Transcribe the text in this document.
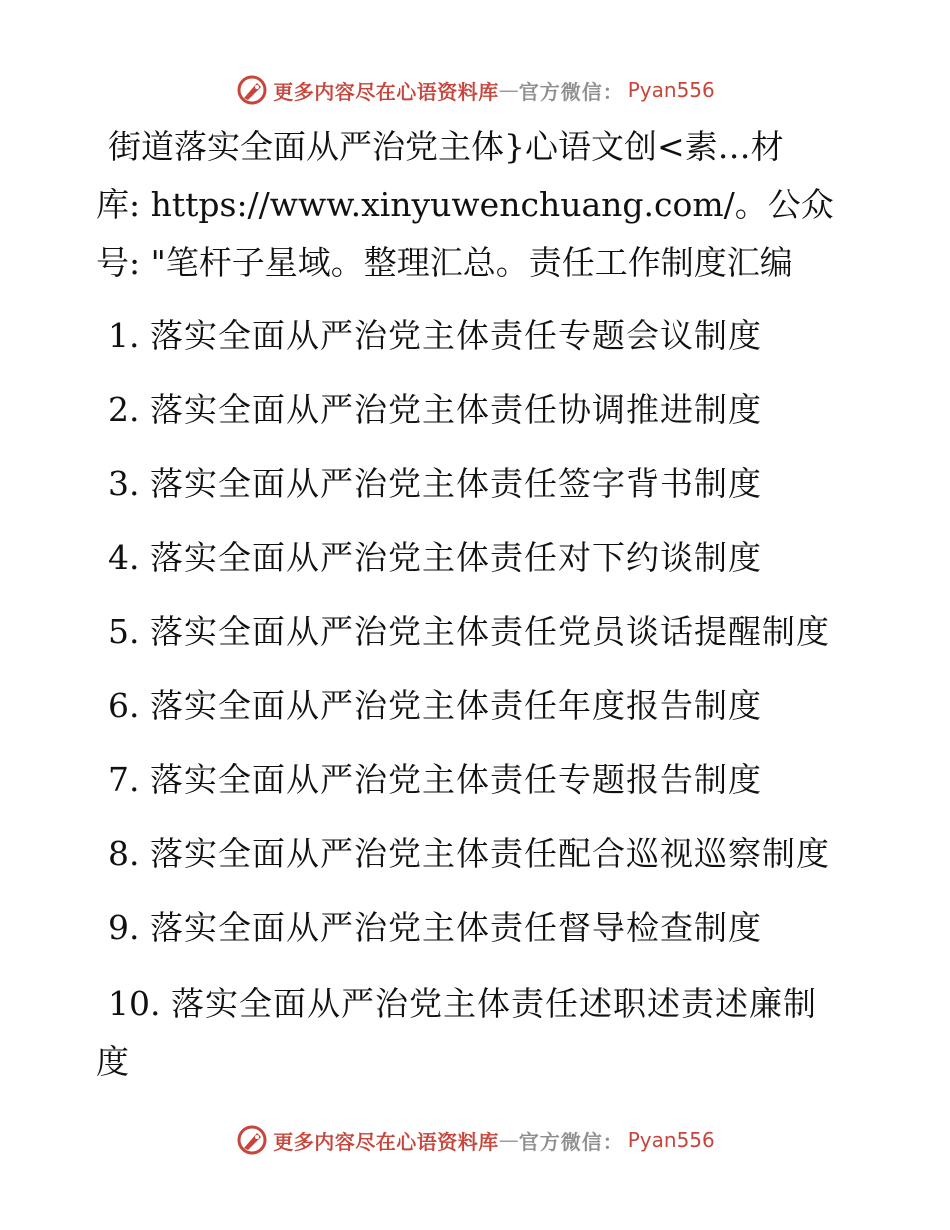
更多内容尽在心语资料库 — 官方微信： Pyan556
街道落实全面从严治党主体}心语文创<素…材
库: https://www.xinyuwenchuang.com/。公众
号: "笔杆子星域。整理汇总。责任工作制度汇编
1. 落实全面从严治党主体责任专题会议制度
2. 落实全面从严治党主体责任协调推进制度
3. 落实全面从严治党主体责任签字背书制度
4. 落实全面从严治党主体责任对下约谈制度
5. 落实全面从严治党主体责任党员谈话提醒制度
6. 落实全面从严治党主体责任年度报告制度
7. 落实全面从严治党主体责任专题报告制度
8. 落实全面从严治党主体责任配合巡视巡察制度
9. 落实全面从严治党主体责任督导检查制度
10. 落实全面从严治党主体责任述职述责述廉制度
更多内容尽在心语资料库 — 官方微信： Pyan556
